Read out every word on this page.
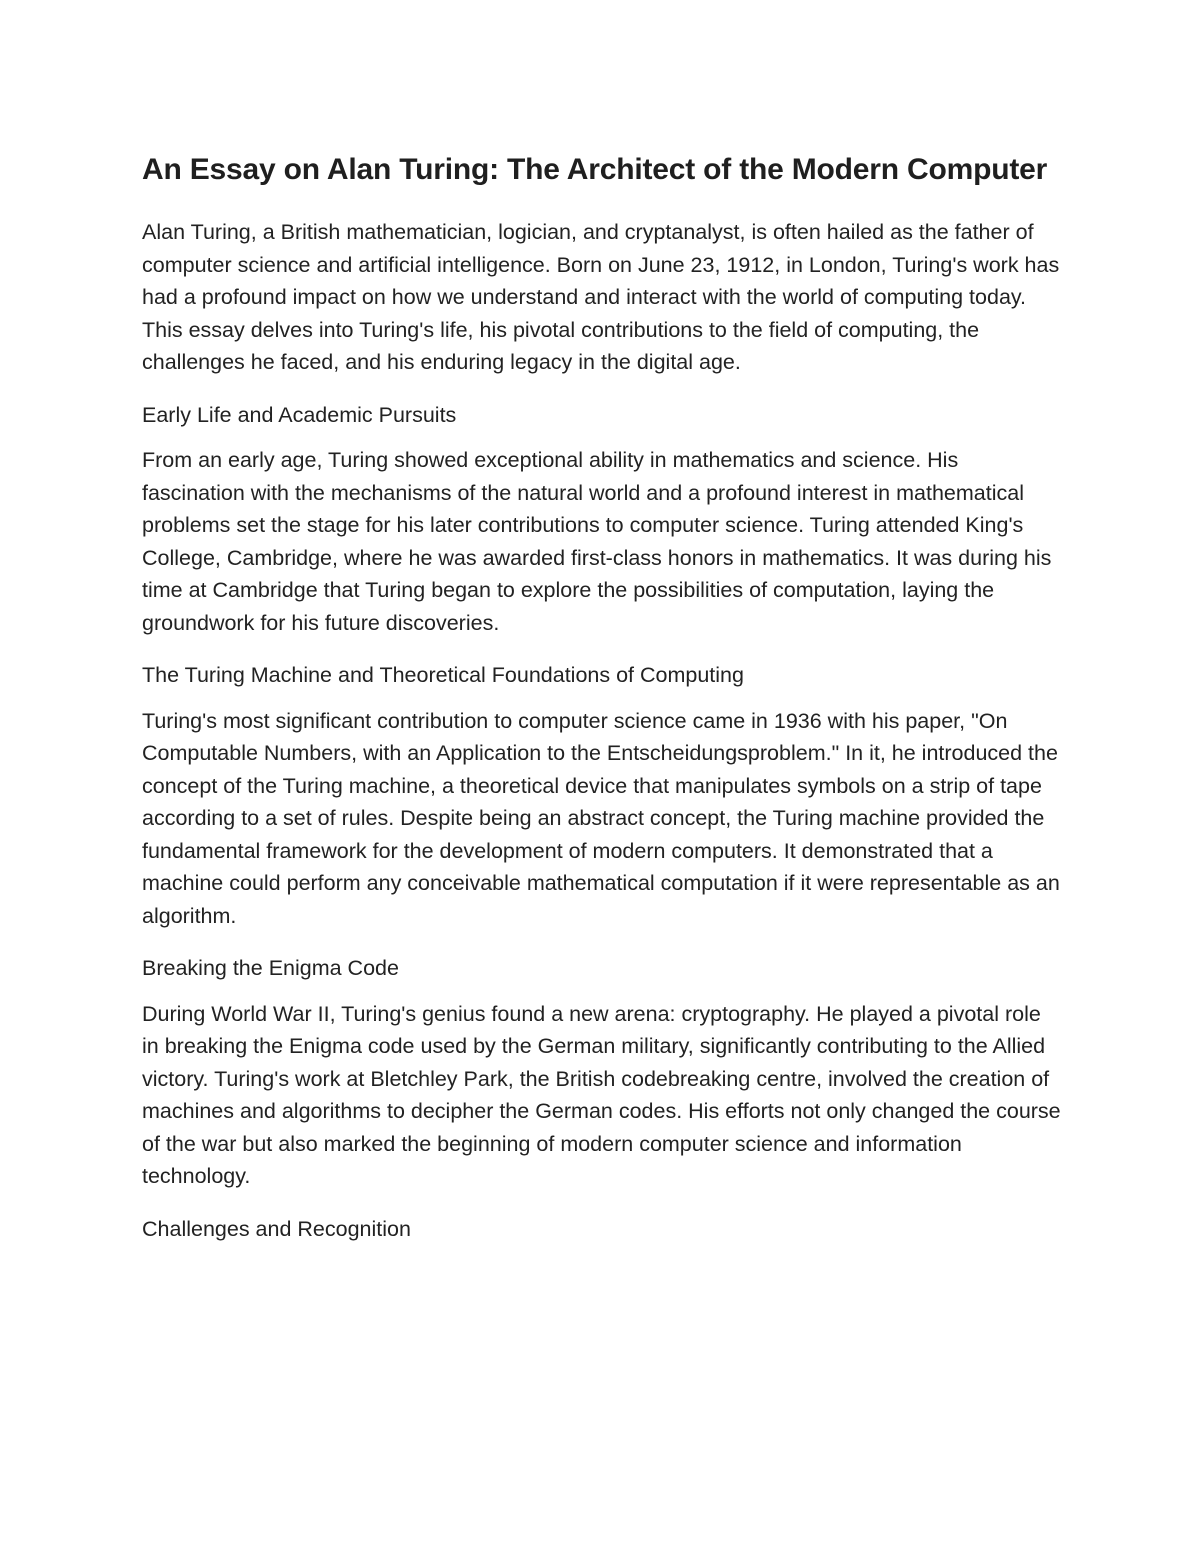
An Essay on Alan Turing: The Architect of the Modern Computer

Alan Turing, a British mathematician, logician, and cryptanalyst, is often hailed as the father of computer science and artificial intelligence. Born on June 23, 1912, in London, Turing's work has had a profound impact on how we understand and interact with the world of computing today. This essay delves into Turing's life, his pivotal contributions to the field of computing, the challenges he faced, and his enduring legacy in the digital age.

Early Life and Academic Pursuits

From an early age, Turing showed exceptional ability in mathematics and science. His fascination with the mechanisms of the natural world and a profound interest in mathematical problems set the stage for his later contributions to computer science. Turing attended King's College, Cambridge, where he was awarded first-class honors in mathematics. It was during his time at Cambridge that Turing began to explore the possibilities of computation, laying the groundwork for his future discoveries.

The Turing Machine and Theoretical Foundations of Computing

Turing's most significant contribution to computer science came in 1936 with his paper, "On Computable Numbers, with an Application to the Entscheidungsproblem." In it, he introduced the concept of the Turing machine, a theoretical device that manipulates symbols on a strip of tape according to a set of rules. Despite being an abstract concept, the Turing machine provided the fundamental framework for the development of modern computers. It demonstrated that a machine could perform any conceivable mathematical computation if it were representable as an algorithm.

Breaking the Enigma Code

During World War II, Turing's genius found a new arena: cryptography. He played a pivotal role in breaking the Enigma code used by the German military, significantly contributing to the Allied victory. Turing's work at Bletchley Park, the British codebreaking centre, involved the creation of machines and algorithms to decipher the German codes. His efforts not only changed the course of the war but also marked the beginning of modern computer science and information technology.

Challenges and Recognition
